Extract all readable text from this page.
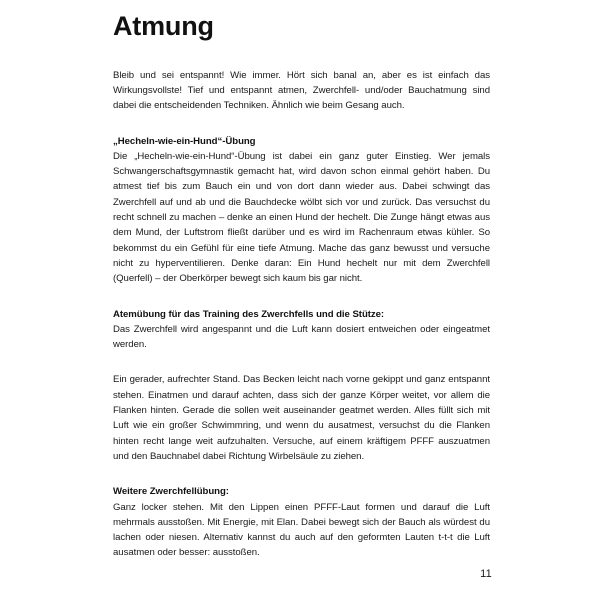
Atmung

Bleib und sei entspannt! Wie immer. Hört sich banal an, aber es ist einfach das Wirkungsvollste! Tief und entspannt atmen, Zwerchfell- und/oder Bauchatmung sind dabei die entscheidenden Techniken. Ähnlich wie beim Gesang auch.

„Hecheln-wie-ein-Hund“-Übung

Die „Hecheln-wie-ein-Hund“-Übung ist dabei ein ganz guter Einstieg. Wer jemals Schwangerschaftsgymnastik gemacht hat, wird davon schon einmal gehört haben. Du atmest tief bis zum Bauch ein und von dort dann wieder aus. Dabei schwingt das Zwerchfell auf und ab und die Bauchdecke wölbt sich vor und zurück. Das versuchst du recht schnell zu machen – denke an einen Hund der hechelt. Die Zunge hängt etwas aus dem Mund, der Luftstrom fließt darüber und es wird im Rachenraum etwas kühler. So bekommst du ein Gefühl für eine tiefe Atmung. Mache das ganz bewusst und versuche nicht zu hyperventilieren. Denke daran: Ein Hund hechelt nur mit dem Zwerchfell (Querfell) – der Oberkörper bewegt sich kaum bis gar nicht.

Atemübung für das Training des Zwerchfells und die Stütze:

Das Zwerchfell wird angespannt und die Luft kann dosiert entweichen oder eingeatmet werden.

Ein gerader, aufrechter Stand. Das Becken leicht nach vorne gekippt und ganz entspannt stehen. Einatmen und darauf achten, dass sich der ganze Körper weitet, vor allem die Flanken hinten. Gerade die sollen weit auseinander geatmet werden. Alles füllt sich mit Luft wie ein großer Schwimmring, und wenn du ausatmest, versuchst du die Flanken hinten recht lange weit aufzuhalten. Versuche, auf einem kräftigem PFFF auszuatmen und den Bauchnabel dabei Richtung Wirbelsäule zu ziehen.

Weitere Zwerchfellübung:

Ganz locker stehen. Mit den Lippen einen PFFF-Laut formen und darauf die Luft mehrmals ausstoßen. Mit Energie, mit Elan. Dabei bewegt sich der Bauch als würdest du lachen oder niesen. Alternativ kannst du auch auf den geformten Lauten t-t-t die Luft ausatmen oder besser: ausstoßen.

11
